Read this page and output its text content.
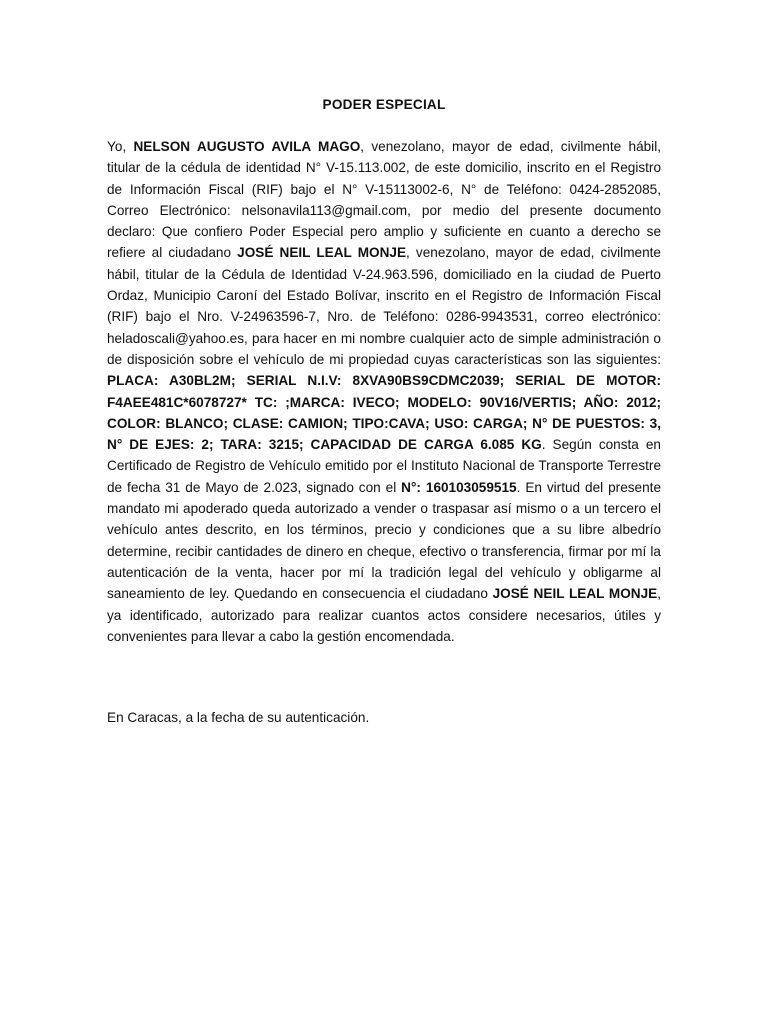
PODER ESPECIAL

Yo, NELSON AUGUSTO AVILA MAGO, venezolano, mayor de edad, civilmente hábil, titular de la cédula de identidad N° V-15.113.002, de este domicilio, inscrito en el Registro de Información Fiscal (RIF) bajo el N° V-15113002-6, N° de Teléfono: 0424-2852085, Correo Electrónico: nelsonavila113@gmail.com, por medio del presente documento declaro: Que confiero Poder Especial pero amplio y suficiente en cuanto a derecho se refiere al ciudadano JOSÉ NEIL LEAL MONJE, venezolano, mayor de edad, civilmente hábil, titular de la Cédula de Identidad V-24.963.596, domiciliado en la ciudad de Puerto Ordaz, Municipio Caroní del Estado Bolívar, inscrito en el Registro de Información Fiscal (RIF) bajo el Nro. V-24963596-7, Nro. de Teléfono: 0286-9943531, correo electrónico: heladoscali@yahoo.es, para hacer en mi nombre cualquier acto de simple administración o de disposición sobre el vehículo de mi propiedad cuyas características son las siguientes: PLACA: A30BL2M; SERIAL N.I.V: 8XVA90BS9CDMC2039; SERIAL DE MOTOR: F4AEE481C*6078727* TC: ;MARCA: IVECO; MODELO: 90V16/VERTIS; AÑO: 2012; COLOR: BLANCO; CLASE: CAMION; TIPO:CAVA; USO: CARGA; N° DE PUESTOS: 3, N° DE EJES: 2; TARA: 3215; CAPACIDAD DE CARGA 6.085 KG. Según consta en Certificado de Registro de Vehículo emitido por el Instituto Nacional de Transporte Terrestre de fecha 31 de Mayo de 2.023, signado con el N°: 160103059515. En virtud del presente mandato mi apoderado queda autorizado a vender o traspasar así mismo o a un tercero el vehículo antes descrito, en los términos, precio y condiciones que a su libre albedrío determine, recibir cantidades de dinero en cheque, efectivo o transferencia, firmar por mí la autenticación de la venta, hacer por mí la tradición legal del vehículo y obligarme al saneamiento de ley. Quedando en consecuencia el ciudadano JOSÉ NEIL LEAL MONJE, ya identificado, autorizado para realizar cuantos actos considere necesarios, útiles y convenientes para llevar a cabo la gestión encomendada.

En Caracas, a la fecha de su autenticación.
